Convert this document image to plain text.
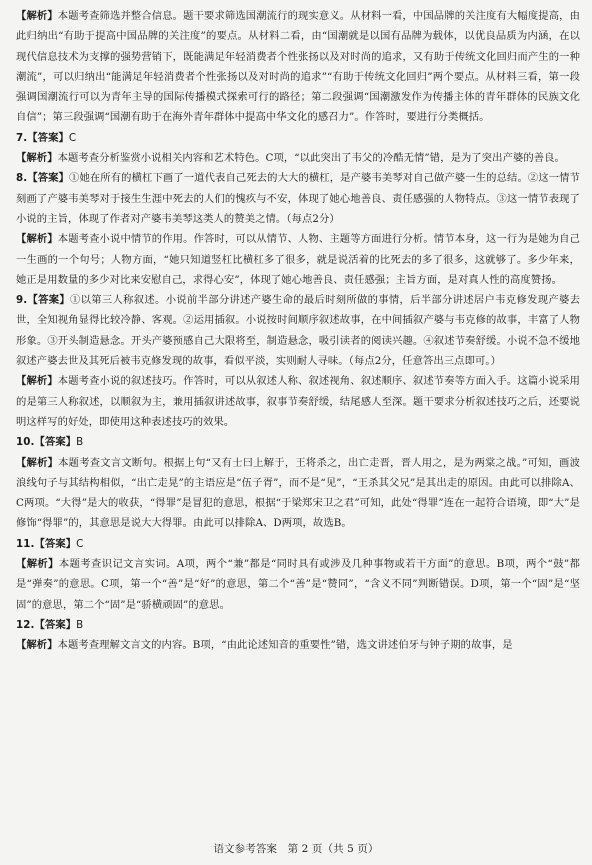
【解析】本题考查筛选并整合信息。题干要求筛选国潮流行的现实意义。从材料一看，中国品牌的关注度有大幅度提高，由此归纳出“有助于提高中国品牌的关注度”的要点。从材料二看，由“国潮就是以国有品牌为载体，以优良品质为内涵，在以现代信息技术为支撑的强势营销下，既能满足年轻消费者个性张扬以及对时尚的追求，又有助于传统文化回归而产生的一种潮流”，可以归纳出“能满足年轻消费者个性张扬以及对时尚的追求”“有助于传统文化回归”两个要点。从材料三看，第一段强调国潮流行可以为青年主导的国际传播模式探索可行的路径；第二段强调“国潮激发作为传播主体的青年群体的民族文化自信”；第三段强调“国潮有助于在海外青年群体中提高中华文化的感召力”。作答时，要进行分类概括。

7.【答案】C

【解析】本题考查分析鉴赏小说相关内容和艺术特色。C项，“以此突出了韦父的冷酷无情”错，是为了突出产婆的善良。

8.【答案】①她在所有的横杠下画了一道代表自己死去的大大的横杠，是产婆韦美琴对自己做产婆一生的总结。②这一情节刻画了产婆韦美琴对于接生生涯中死去的人们的愧疚与不安，体现了她心地善良、责任感强的人物特点。③这一情节表现了小说的主旨，体现了作者对产婆韦美琴这类人的赞美之情。（每点2分）

【解析】本题考查小说中情节的作用。作答时，可以从情节、人物、主题等方面进行分析。情节本身，这一行为是她为自己一生画的一个句号；人物方面，“她只知道竖杠比横杠多了很多，就是说活着的比死去的多了很多，这就够了。多少年来，她正是用数量的多少对比来安慰自己，求得心安”，体现了她心地善良、责任感强；主旨方面，是对真人性的高度赞扬。

9.【答案】①以第三人称叙述。小说前半部分讲述产婆生命的最后时刻所做的事情，后半部分讲述居户韦克修发现产婆去世，全知视角显得比较冷静、客观。②运用插叙。小说按时间顺序叙述故事，在中间插叙产婆与韦克修的故事，丰富了人物形象。③开头制造悬念。开头产婆预感自己大限将至，制造悬念，吸引读者的阅读兴趣。④叙述节奏舒缓。小说不急不缓地叙述产婆去世及其死后被韦克修发现的故事，看似平淡，实则耐人寻味。（每点2分，任意答出三点即可。）

【解析】本题考查小说的叙述技巧。作答时，可以从叙述人称、叙述视角、叙述顺序、叙述节奏等方面入手。这篇小说采用的是第三人称叙述，以顺叙为主，兼用插叙讲述故事，叙事节奏舒缓，结尾感人至深。题干要求分析叙述技巧之后，还要说明这样写的好处，即使用这种表述技巧的效果。

10.【答案】B

【解析】本题考查文言文断句。根据上句“又有士曰上解于，王将杀之，出亡走晋，晋人用之，是为两棠之战。”可知，画波浪线句子与其结构相似，“出亡走晃”的主语应是“伍子胥”，而不是“见”，“王杀其父兄”是其出走的原因。由此可以排除A、C两项。“大得”是大的收获，“得罪”是冒犯的意思，根据“于梁郑宋卫之君”可知，此处“得罪”连在一起符合语境，即“大”是修饰“得罪”的，其意思是说大大得罪。由此可以排除A、D两项，故选B。

11.【答案】C

【解析】本题考查识记文言实词。A项，两个“兼”都是“同时具有或涉及几种事物或若干方面”的意思。B项，两个“鼓”都是“弹奏”的意思。C项，第一个“善”是“好”的意思，第二个“善”是“赞同”，“含义不同”判断错误。D项，第一个“固”是“坚固”的意思，第二个“固”是“骄横顽固”的意思。

12.【答案】B

【解析】本题考查理解文言文的内容。B项，“由此论述知音的重要性”错，选文讲述伯牙与钟子期的故事，是

语文参考答案　第 2 页（共 5 页）
